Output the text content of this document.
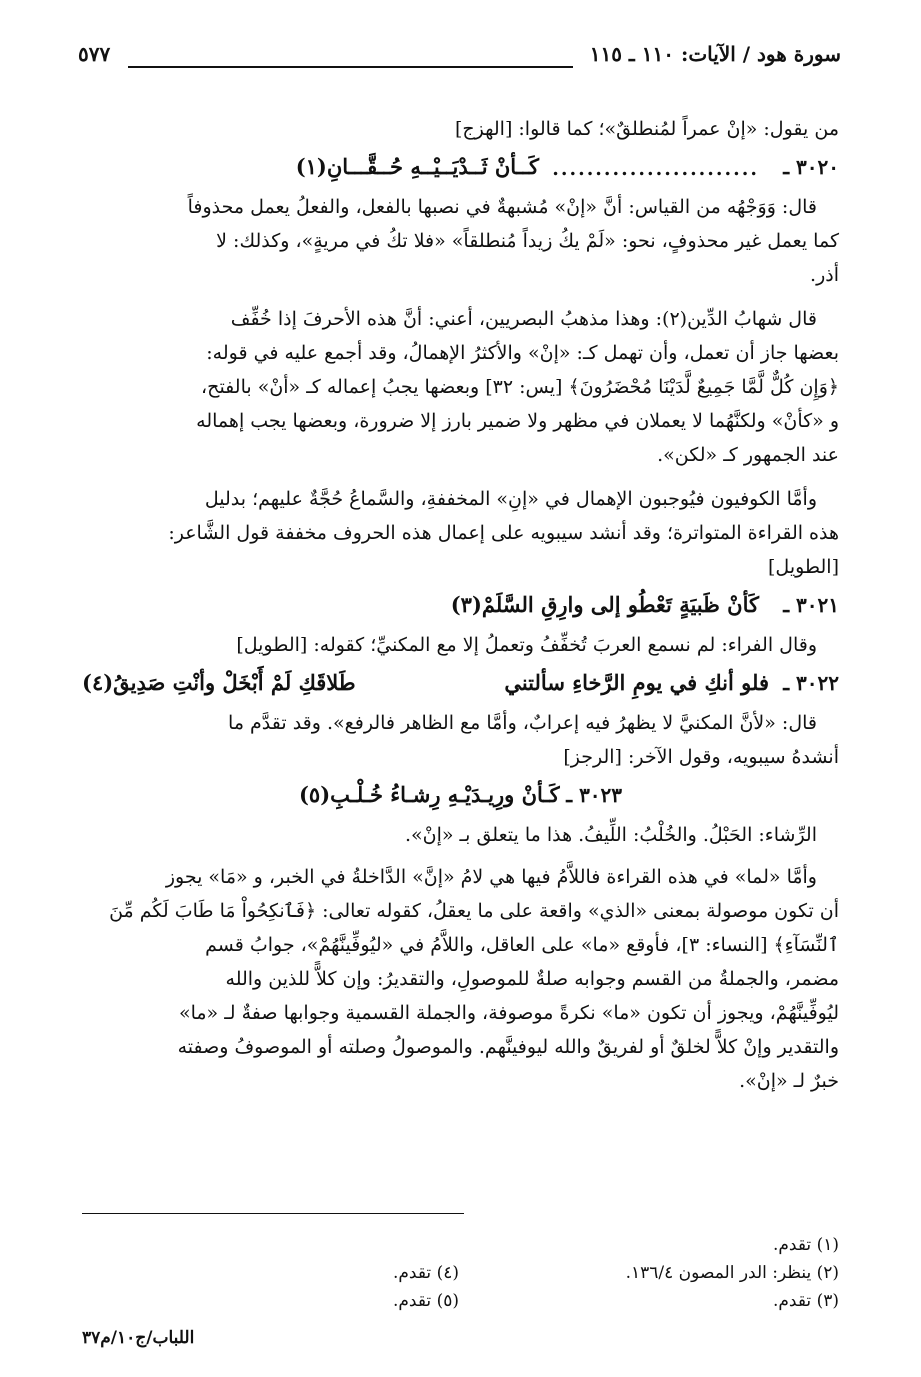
سورة هود / الآيات: ١١٠ ـ ١١٥
٥٧٧

من يقول: «إنْ عمراً لمُنطلقٌ»؛ كما قالوا: [الهزج]

٣٠٢٠ ـ
كَــأنْ ثَــدْيَــيْــهِ حُــقَّـــانِ(١) ........................

قال: وَوَجْهُه من القياس: أنَّ «إنْ» مُشبهةٌ في نصبها بالفعل، والفعلُ يعمل محذوفاً

كما يعمل غير محذوفٍ، نحو: «لَمْ يكُ زيداً مُنطلقاً» «فلا تكُ في مريةٍ»، وكذلك: لا

أذر.

قال شهابُ الدِّين(٢): وهذا مذهبُ البصريين، أعني: أنَّ هذه الأحرفَ إذا خُفِّف

بعضها جاز أن تعمل، وأن تهمل كـ: «إنْ» والأكثرُ الإهمالُ، وقد أجمع عليه في قوله:

﴿وَإِن كُلٌّ لَّمَّا جَمِيعٌ لَّدَيْنَا مُحْضَرُونَ﴾ [يس: ٣٢] وبعضها يجبُ إعماله كـ «أنْ» بالفتح،

و «كأنْ» ولكنَّهُما لا يعملان في مظهر ولا ضمير بارز إلا ضرورة، وبعضها يجب إهماله

عند الجمهور كـ «لكن».

وأمَّا الكوفيون فيُوجبون الإهمال في «إنِ» المخففةِ، والسَّماعُ حُجَّةٌ عليهم؛ بدليل

هذه القراءة المتواترة؛ وقد أنشد سيبويه على إعمال هذه الحروف مخففة قول الشَّاعر:

[الطويل]

٣٠٢١ ـ
كَأنْ ظَبيَةٍ تَعْطُو إلى وارِقِ السَّلَمْ(٣)

وقال الفراء: لم نسمع العربَ تُخفِّفُ وتعملُ إلا مع المكنيِّ؛ كقوله: [الطويل]

٣٠٢٢ ـ
فلو أنكِ في يومِ الرَّخاءِ سألتني
طَلاقَكِ لَمْ أَبْخَلْ وأنْتِ صَدِيقُ(٤)

قال: «لأنَّ المكنيَّ لا يظهرُ فيه إعرابٌ، وأمَّا مع الظاهر فالرفع». وقد تقدَّم ما

أنشدهُ سيبويه، وقول الآخر: [الرجز]

٣٠٢٣ ـ كَـأنْ ورِيـدَيْـهِ رِشـاءُ خُـلْـبِ(٥)

الرِّشاء: الحَبْلُ. والخُلْبُ: اللِّيفُ. هذا ما يتعلق بـ «إنْ».

وأمَّا «لما» في هذه القراءة فاللاَّمُ فيها هي لامُ «إنَّ» الدَّاخلةُ في الخبر، و «مَا» يجوز

أن تكون موصولة بمعنى «الذي» واقعة على ما يعقلُ، كقوله تعالى: ﴿فَٱنكِحُواْ مَا طَابَ لَكُم مِّنَ

ٱلنِّسَآءِ﴾ [النساء: ٣]، فأوقع «ما» على العاقل، واللاَّمُ في «ليُوفِّينَّهُمْ»، جوابُ قسم

مضمر، والجملةُ من القسم وجوابه صلةٌ للموصولِ، والتقديرُ: وإن كلاًّ للذين والله

ليُوفِّينَّهُمْ، ويجوز أن تكون «ما» نكرةً موصوفة، والجملة القسمية وجوابها صفةٌ لـ «ما»

والتقدير وإنْ كلاًّ لخلقٌ أو لفريقٌ والله ليوفينَّهم. والموصولُ وصلته أو الموصوفُ وصفته

خبرٌ لـ «إنْ».

(١) تقدم.
(٢) ينظر: الدر المصون ١٣٦/٤.
(٣) تقدم.
(٤) تقدم.
(٥) تقدم.
اللباب/ج١٠/م٣٧
